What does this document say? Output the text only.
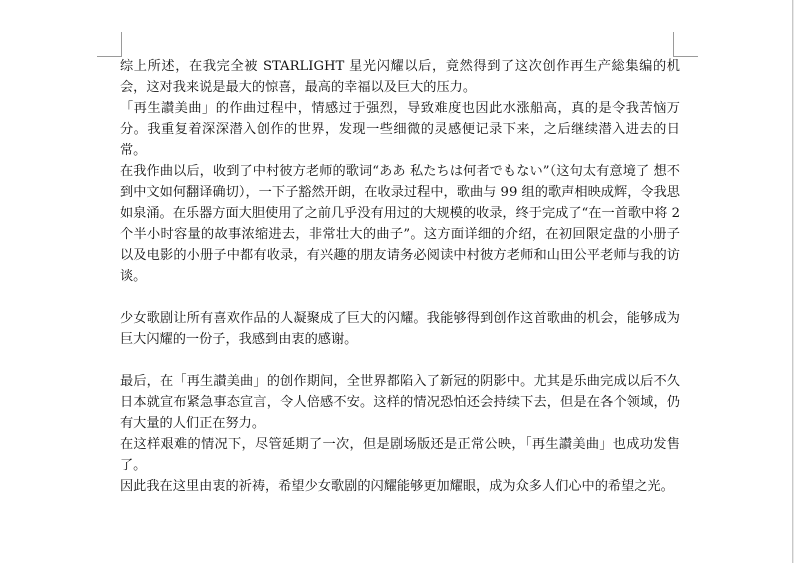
综上所述，在我完全被 STARLIGHT 星光闪耀以后，竟然得到了这次创作再生产総集编的机会，这对我来说是最大的惊喜，最高的幸福以及巨大的压力。

「再生讃美曲」的作曲过程中，情感过于强烈，导致难度也因此水涨船高，真的是令我苦恼万分。我重复着深深潜入创作的世界，发现一些细微的灵感便记录下来，之后继续潜入进去的日常。

在我作曲以后，收到了中村彼方老师的歌词“ああ 私たちは何者でもない”（这句太有意境了 想不到中文如何翻译确切），一下子豁然开朗，在收录过程中，歌曲与 99 组的歌声相映成辉，令我思如泉涌。在乐器方面大胆使用了之前几乎没有用过的大规模的收录，终于完成了“在一首歌中将 2 个半小时容量的故事浓缩进去，非常壮大的曲子”。这方面详细的介绍，在初回限定盘的小册子以及电影的小册子中都有收录，有兴趣的朋友请务必阅读中村彼方老师和山田公平老师与我的访谈。

少女歌剧让所有喜欢作品的人凝聚成了巨大的闪耀。我能够得到创作这首歌曲的机会，能够成为巨大闪耀的一份子，我感到由衷的感谢。

最后，在「再生讃美曲」的创作期间，全世界都陷入了新冠的阴影中。尤其是乐曲完成以后不久日本就宣布紧急事态宣言，令人倍感不安。这样的情况恐怕还会持续下去，但是在各个领域，仍有大量的人们正在努力。

在这样艰难的情况下，尽管延期了一次，但是剧场版还是正常公映，「再生讃美曲」也成功发售了。

因此我在这里由衷的祈祷，希望少女歌剧的闪耀能够更加耀眼，成为众多人们心中的希望之光。
